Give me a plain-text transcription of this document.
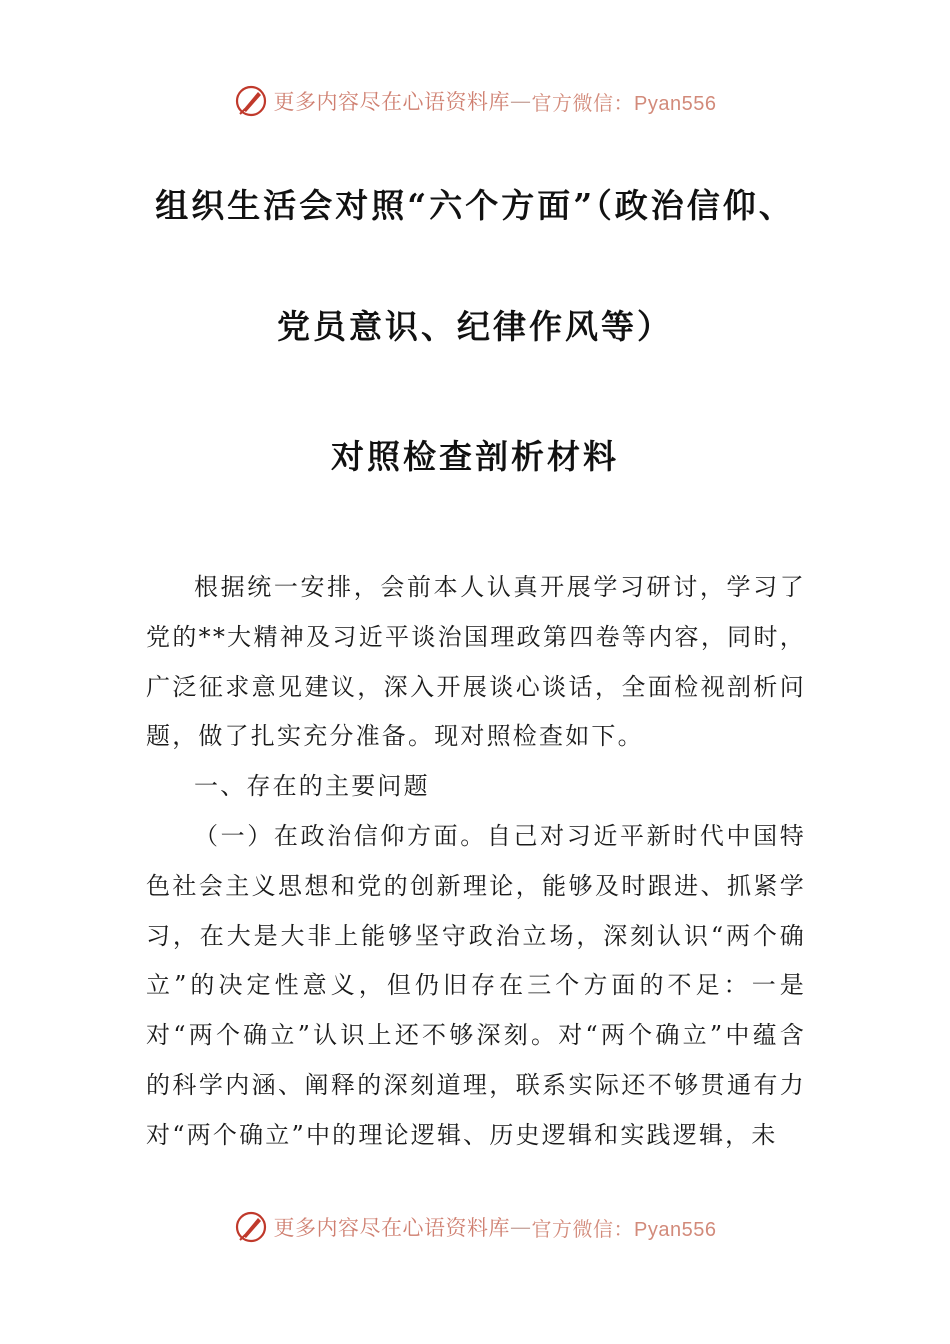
更多内容尽在心语资料库 — 官方微信：Pyan556
组织生活会对照“六个方面”（政治信仰、
党员意识、纪律作风等）
对照检查剖析材料

根据统一安排，会前本人认真开展学习研讨，学习了党的**大精神及习近平谈治国理政第四卷等内容，同时，广泛征求意见建议，深入开展谈心谈话，全面检视剖析问题，做了扎实充分准备。现对照检查如下。

一、存在的主要问题

（一）在政治信仰方面。自己对习近平新时代中国特色社会主义思想和党的创新理论，能够及时跟进、抓紧学习，在大是大非上能够坚守政治立场，深刻认识“两个确立”的决定性意义，但仍旧存在三个方面的不足：一是对“两个确立”认识上还不够深刻。对“两个确立”中蕴含的科学内涵、阐释的深刻道理，联系实际还不够贯通有力对“两个确立”中的理论逻辑、历史逻辑和实践逻辑，未

更多内容尽在心语资料库 — 官方微信：Pyan556
